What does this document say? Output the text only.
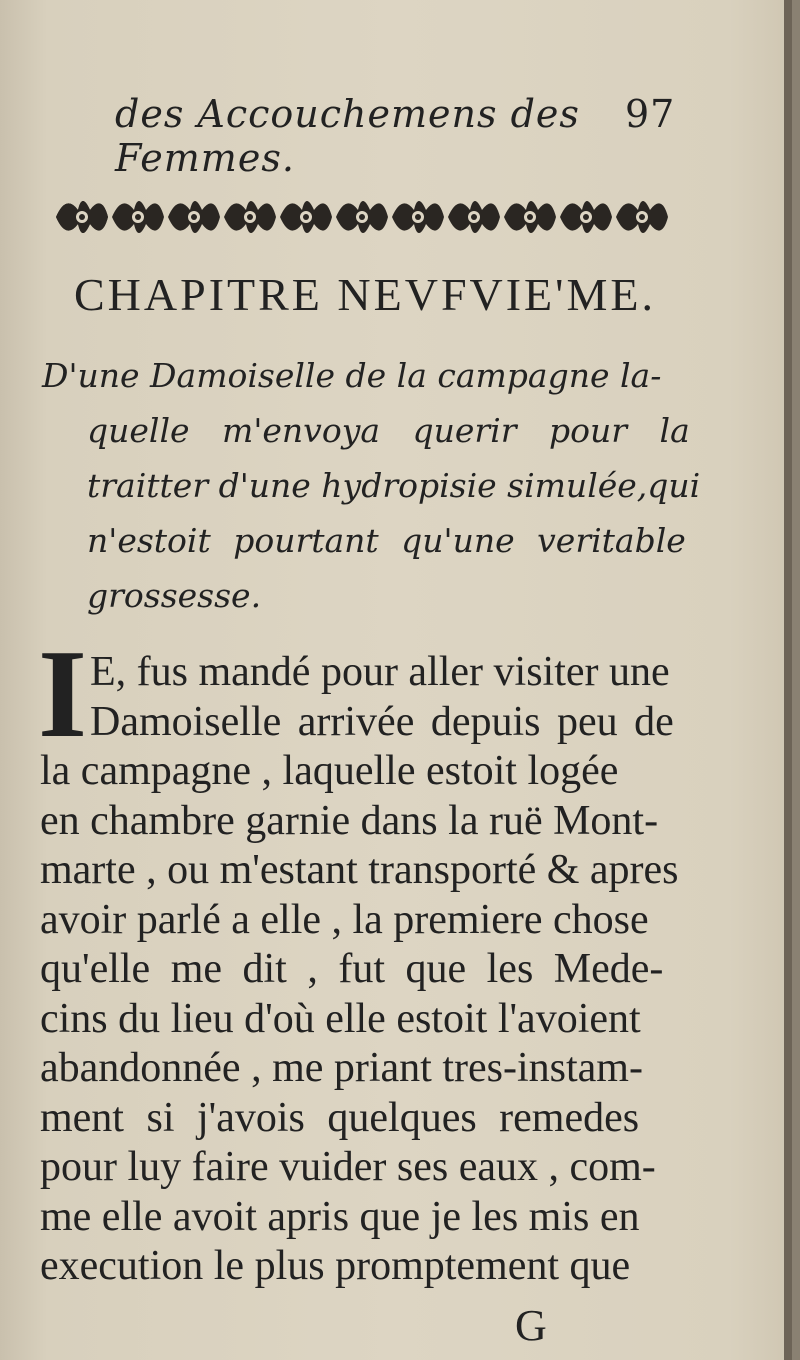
des Accouchemens des Femmes.
97
CHAPITRE NEVFVIE'ME.
D'une Damoiselle de la campagne la-
quelle m'envoya querir pour la
traitter d'une hydropisie simulée,qui
n'estoit pourtant qu'une veritable
grossesse.
I E, fus mandé pour aller visiter une
Damoiselle arrivée depuis peu de
la campagne , laquelle estoit logée
en chambre garnie dans la ruë Mont-
marte , ou m'estant transporté & apres
avoir parlé a elle , la premiere chose
qu'elle me dit , fut que les Mede-
cins du lieu d'où elle estoit l'avoient
abandonnée , me priant tres-instam-
ment si j'avois quelques remedes
pour luy faire vuider ses eaux , com-
me elle avoit apris que je les mis en
execution le plus promptement que
G
